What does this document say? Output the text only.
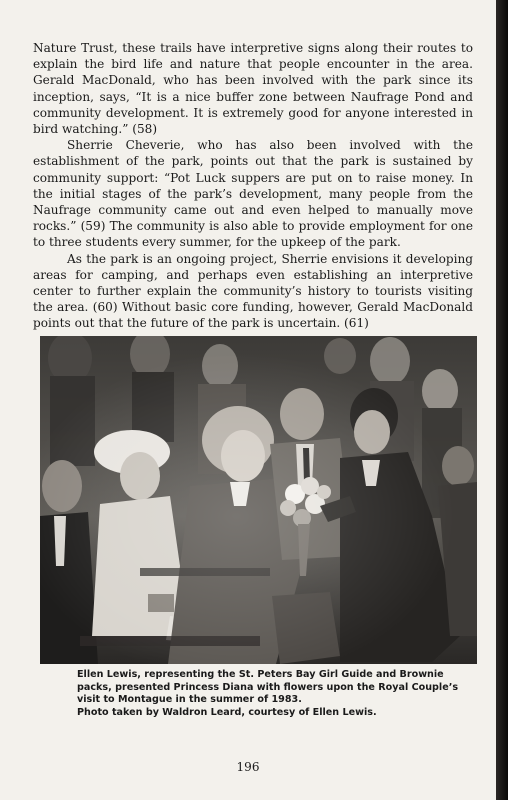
Nature Trust, these trails have interpretive signs along their routes to explain the bird life and nature that people encounter in the area. Gerald MacDonald, who has been involved with the park since its inception, says, “It is a nice buffer zone between Naufrage Pond and community development. It is extremely good for anyone interested in bird watching.” (58)

Sherrie Cheverie, who has also been involved with the establishment of the park, points out that the park is sustained by community support: “Pot Luck suppers are put on to raise money. In the initial stages of the park’s development, many people from the Naufrage community came out and even helped to manually move rocks.” (59) The community is also able to provide employment for one to three students every summer, for the upkeep of the park.

As the park is an ongoing project, Sherrie envisions it developing areas for camping, and perhaps even establishing an interpretive center to further explain the community’s history to tourists visiting the area. (60) Without basic core funding, however, Gerald MacDonald points out that the future of the park is uncertain. (61)

Ellen Lewis, representing the St. Peters Bay Girl Guide and Brownie packs, presented Princess Diana with flowers upon the Royal Couple’s visit to Montague in the summer of 1983.

Photo taken by Waldron Leard, courtesy of Ellen Lewis.

196
